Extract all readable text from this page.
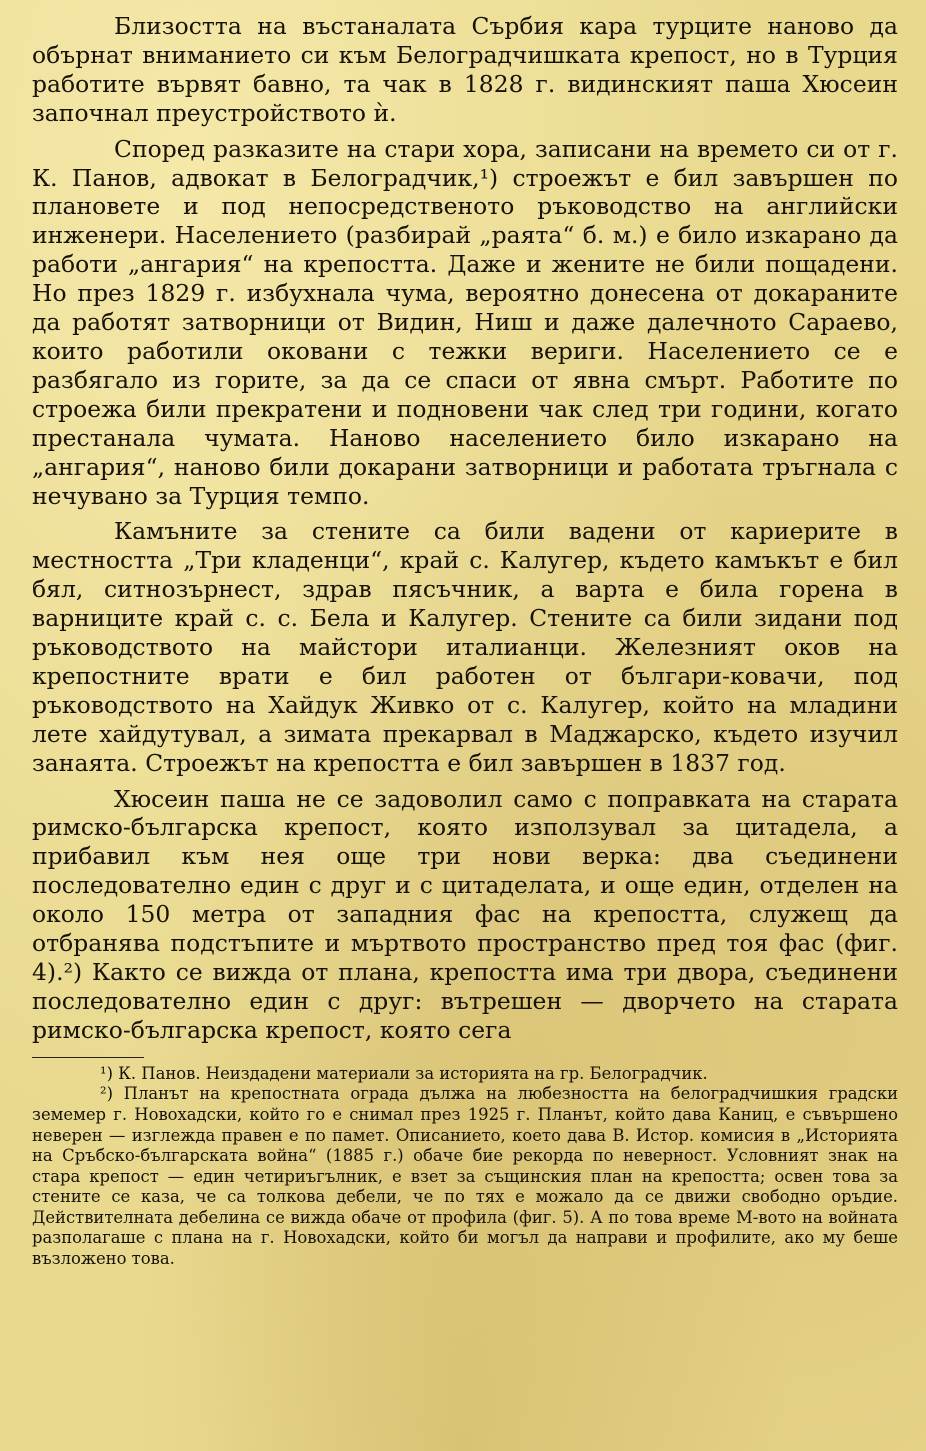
Близостта на въстаналата Сърбия кара турците наново да обърнат вниманието си към Белоградчишката крепост, но в Турция работите вървят бавно, та чак в 1828 г. видинският паша Хюсеин започнал преустройството ѝ.

Според разказите на стари хора, записани на времето си от г. К. Панов, адвокат в Белоградчик,¹) строежът е бил завършен по плановете и под непосредственото ръководство на английски инженери. Населението (разбирай „раята“ б. м.) е било изкарано да работи „ангария“ на крепостта. Даже и жените не били пощадени. Но през 1829 г. избухнала чума, вероятно донесена от докараните да работят затворници от Видин, Ниш и даже далечното Сараево, които работили оковани с тежки вериги. Населението се е разбягало из горите, за да се спаси от явна смърт. Работите по строежа били прекратени и подновени чак след три години, когато престанала чумата. Наново населението било изкарано на „ангария“, наново били докарани затворници и работата тръгнала с нечувано за Турция темпо.

Камъните за стените са били вадени от кариерите в местността „Три кладенци“, край с. Калугер, където камъкът е бил бял, ситнозърнест, здрав пясъчник, а варта е била горена в варниците край с. с. Бела и Калугер. Стените са били зидани под ръководството на майстори италианци. Железният оков на крепостните врати е бил работен от българи-ковачи, под ръководството на Хайдук Живко от с. Калугер, който на младини лете хайдутувал, а зимата прекарвал в Маджарско, където изучил занаята. Строежът на крепостта е бил завършен в 1837 год.

Хюсеин паша не се задоволил само с поправката на старата римско-българска крепост, която използувал за цитадела, а прибавил към нея още три нови верка: два съединени последователно един с друг и с цитаделата, и още един, отделен на около 150 метра от западния фас на крепостта, служещ да отбранява подстъпите и мъртвото пространство пред тоя фас (фиг. 4).²) Както се вижда от плана, крепостта има три двора, съединени последователно един с друг: вътрешен — дворчето на старата римско-българска крепост, която сега

¹) К. Панов. Неиздадени материали за историята на гр. Белоградчик.

²) Планът на крепостната ограда дължа на любезността на белоградчишкия градски земемер г. Новохадски, който го е снимал през 1925 г. Планът, който дава Каниц, е съвършено неверен — изглежда правен е по памет. Описанието, което дава В. Истор. комисия в „Историята на Сръбско-българската война“ (1885 г.) обаче бие рекорда по неверност. Условният знак на стара крепост — един четириъгълник, е взет за същинския план на крепостта; освен това за стените се каза, че са толкова дебели, че по тях е можало да се движи свободно оръдие. Действителната дебелина се вижда обаче от профила (фиг. 5). А по това време М-вото на войната разполагаше с плана на г. Новохадски, който би могъл да направи и профилите, ако му беше възложено това.
